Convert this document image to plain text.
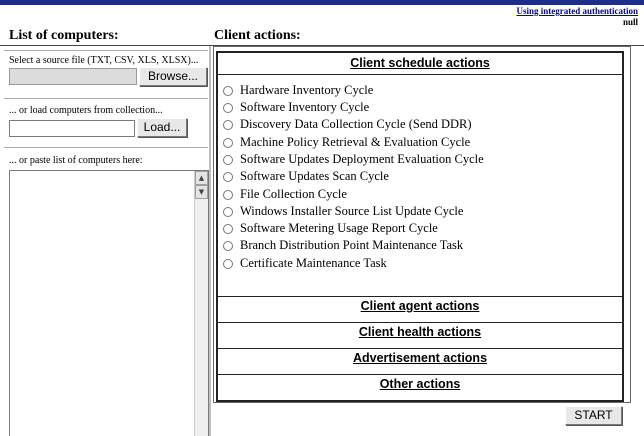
Using integrated authentication
null
List of computers:	Client actions:
Select a source file (TXT, CSV, XLS, XLSX)...
Browse...
... or load computers from collection...
Load...
... or paste list of computers here:
▲
▼
Client schedule actions
Hardware Inventory Cycle
Software Inventory Cycle
Discovery Data Collection Cycle (Send DDR)
Machine Policy Retrieval & Evaluation Cycle
Software Updates Deployment Evaluation Cycle
Software Updates Scan Cycle
File Collection Cycle
Windows Installer Source List Update Cycle
Software Metering Usage Report Cycle
Branch Distribution Point Maintenance Task
Certificate Maintenance Task
Client agent actions
Client health actions
Advertisement actions
Other actions
START
